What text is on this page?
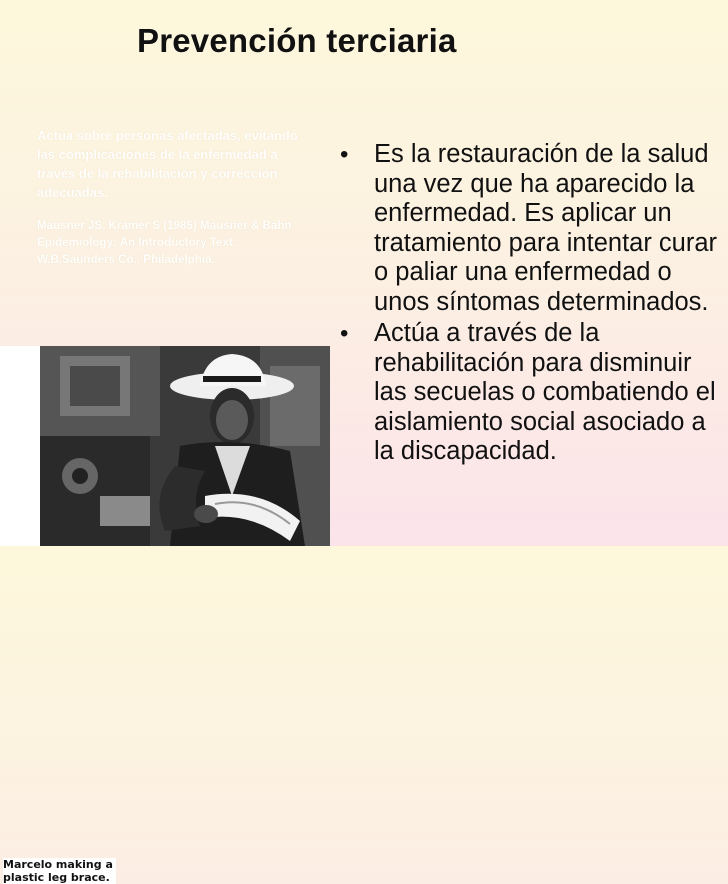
Prevención terciaria

Actúa sobre personas afectadas, evitando las complicaciones de la enfermedad a través de la rehabilitación y corrección adecuadas.

Mausner JS, Kramer S (1985) Mausner & Bahn Epidemiology: An Introductory Text. W.B.Saunders Co., Philadelphia.

• Es la restauración de la salud una vez que ha aparecido la enfermedad. Es aplicar un tratamiento para intentar curar o paliar una enfermedad o unos síntomas determinados.
• Actúa a través de la rehabilitación para disminuir las secuelas o combatiendo el aislamiento social asociado a la discapacidad.
Marcelo making a
plastic leg brace.
